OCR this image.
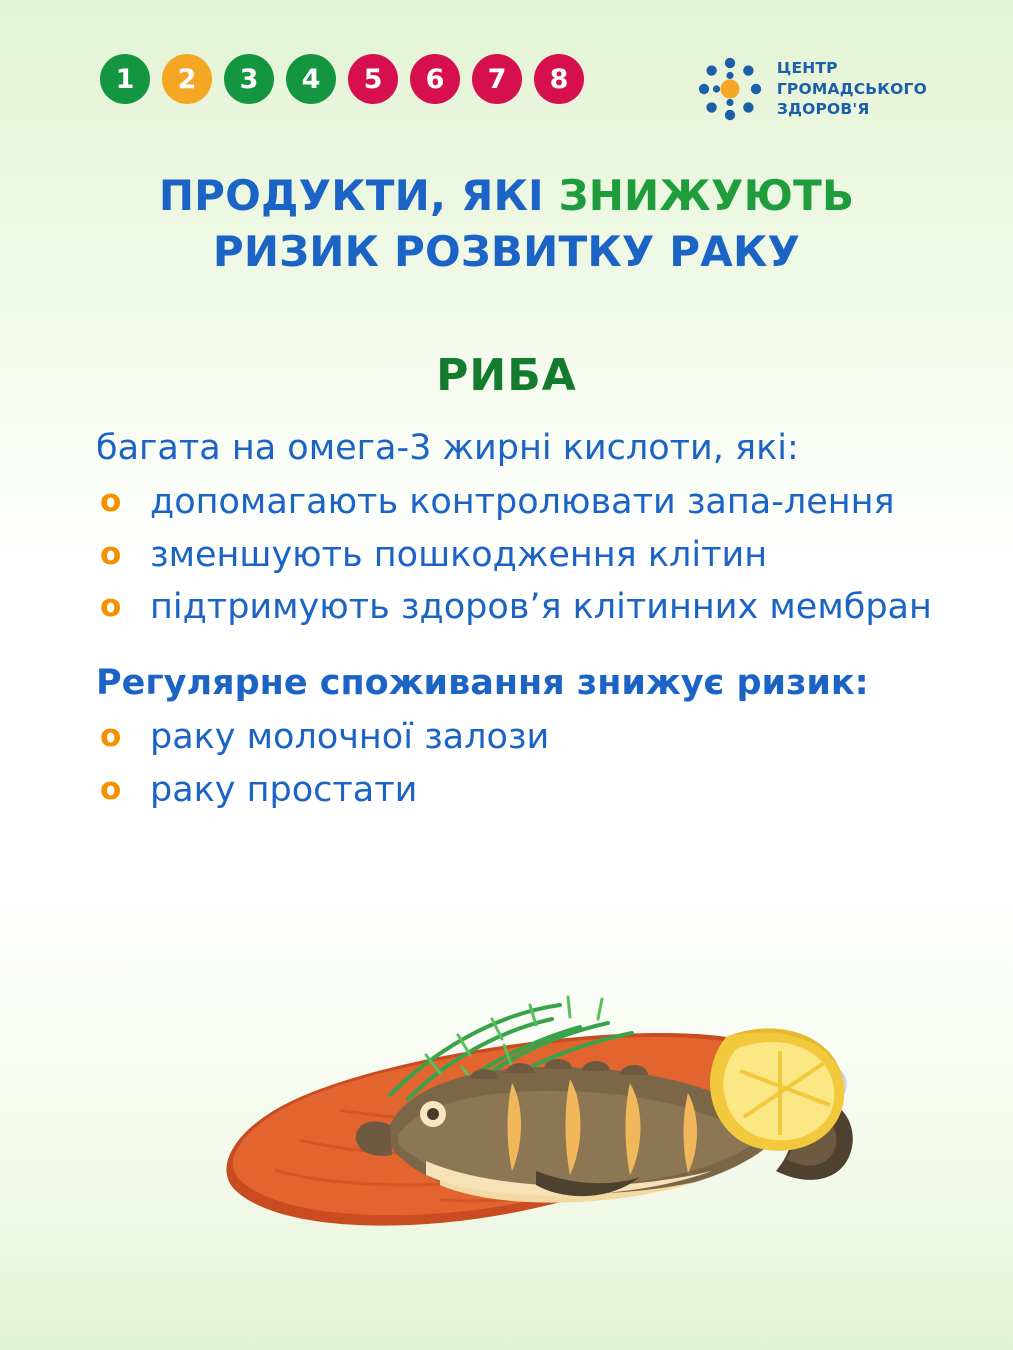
1 2 3 4 5 6 7 8	ЦЕНТР
ГРОМАДСЬКОГО
ЗДОРОВ'Я
ПРОДУКТИ, ЯКІ ЗНИЖУЮТЬ
РИЗИК РОЗВИТКУ РАКУ
РИБА
багата на омега-3 жирні кислоти, які:
o допомагають контролювати запа-лення
o зменшують пошкодження клітин
o підтримують здоров’я клітинних мембран
Регулярне споживання знижує ризик:
o раку молочної залози
o раку простати
